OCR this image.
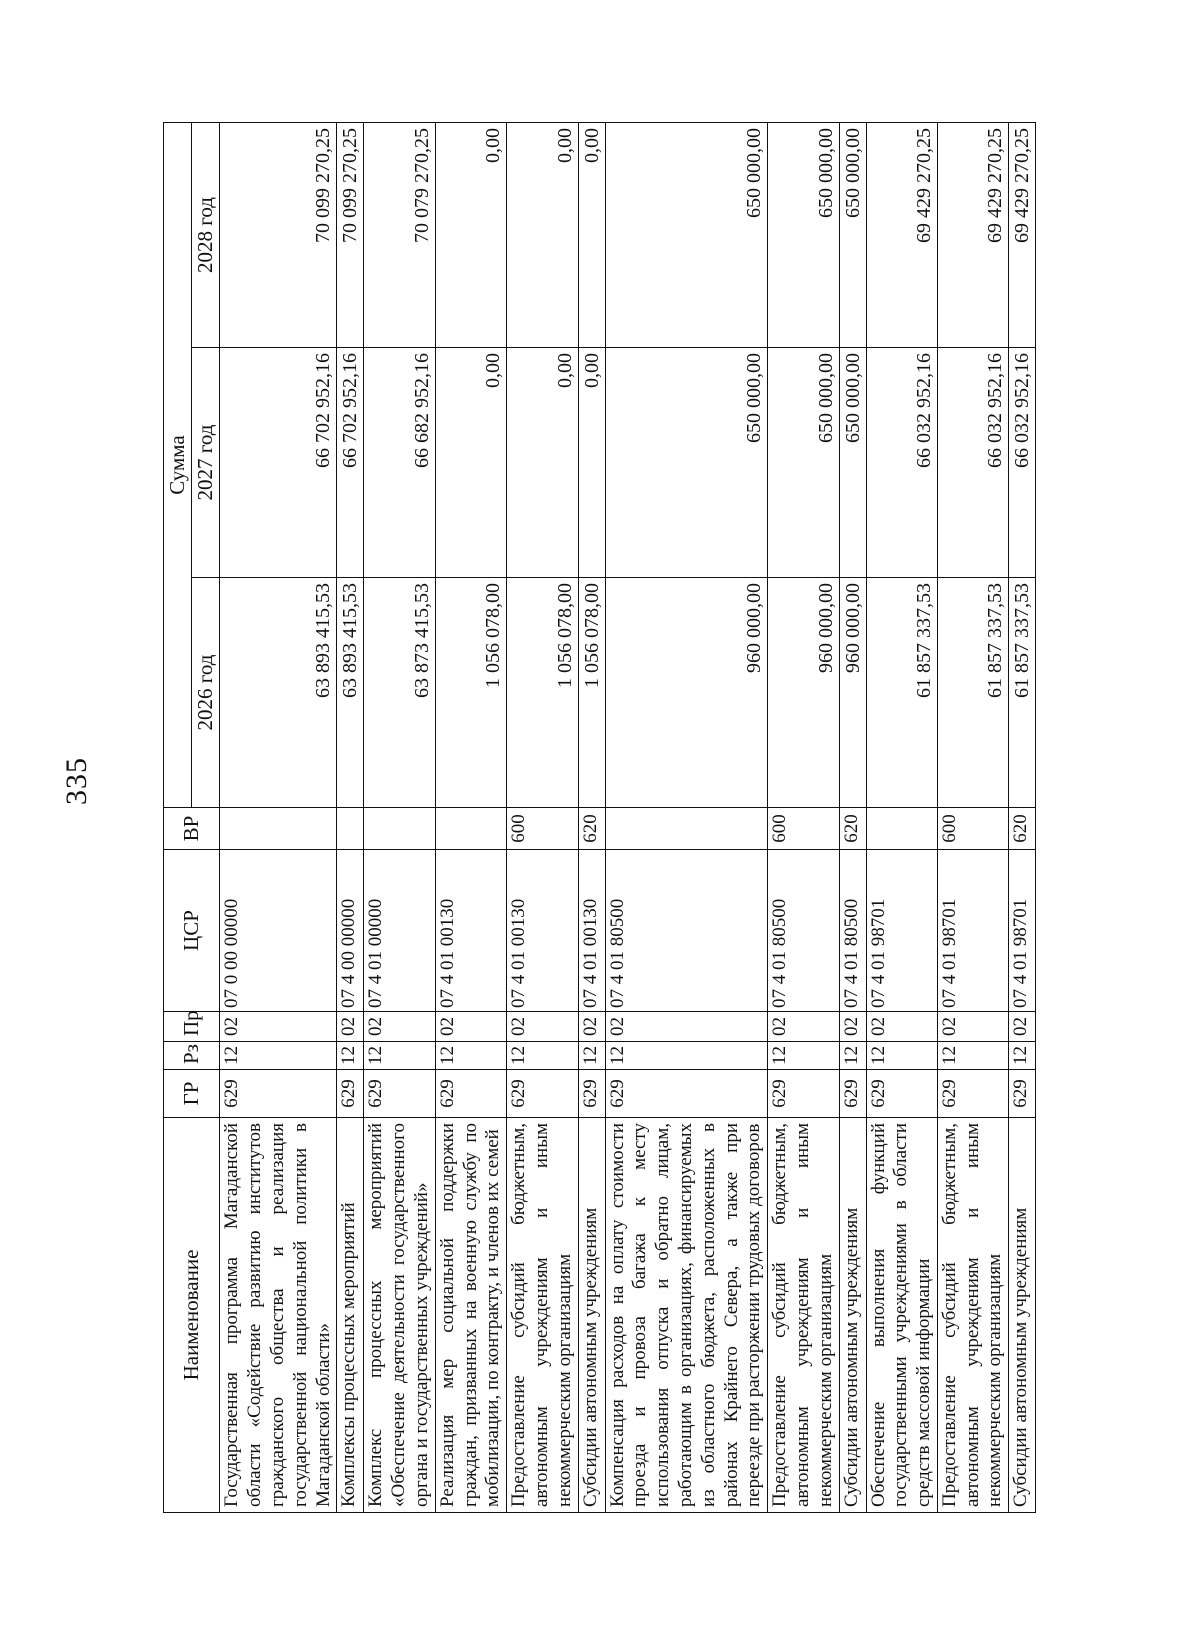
335
Наименование	ГР	Рз	Пр	ЦСР	ВР	Сумма		
						2026 год	2027 год	2028 год
Государственная программа Магаданской области «Содействие развитию институтов гражданского общества и реализация государственной национальной политики в Магаданской области»	629	12	02	07 0 00 00000		63 893 415,53	66 702 952,16	70 099 270,25
Комплексы процессных мероприятий	629	12	02	07 4 00 00000		63 893 415,53	66 702 952,16	70 099 270,25
Комплекс процессных мероприятий «Обеспечение деятельности государственного органа и государственных учреждений»	629	12	02	07 4 01 00000		63 873 415,53	66 682 952,16	70 079 270,25
Реализация мер социальной поддержки граждан, призванных на военную службу по мобилизации, по контракту, и членов их семей	629	12	02	07 4 01 00130		1 056 078,00	0,00	0,00
Предоставление субсидий бюджетным, автономным учреждениям и иным некоммерческим организациям	629	12	02	07 4 01 00130	600	1 056 078,00	0,00	0,00
Субсидии автономным учреждениям	629	12	02	07 4 01 00130	620	1 056 078,00	0,00	0,00
Компенсация расходов на оплату стоимости проезда и провоза багажа к месту использования отпуска и обратно лицам, работающим в организациях, финансируемых из областного бюджета, расположенных в районах Крайнего Севера, а также при переезде при расторжении трудовых договоров	629	12	02	07 4 01 80500		960 000,00	650 000,00	650 000,00
Предоставление субсидий бюджетным, автономным учреждениям и иным некоммерческим организациям	629	12	02	07 4 01 80500	600	960 000,00	650 000,00	650 000,00
Субсидии автономным учреждениям	629	12	02	07 4 01 80500	620	960 000,00	650 000,00	650 000,00
Обеспечение выполнения функций государственными учреждениями в области средств массовой информации	629	12	02	07 4 01 98701		61 857 337,53	66 032 952,16	69 429 270,25
Предоставление субсидий бюджетным, автономным учреждениям и иным некоммерческим организациям	629	12	02	07 4 01 98701	600	61 857 337,53	66 032 952,16	69 429 270,25
Субсидии автономным учреждениям	629	12	02	07 4 01 98701	620	61 857 337,53	66 032 952,16	69 429 270,25
